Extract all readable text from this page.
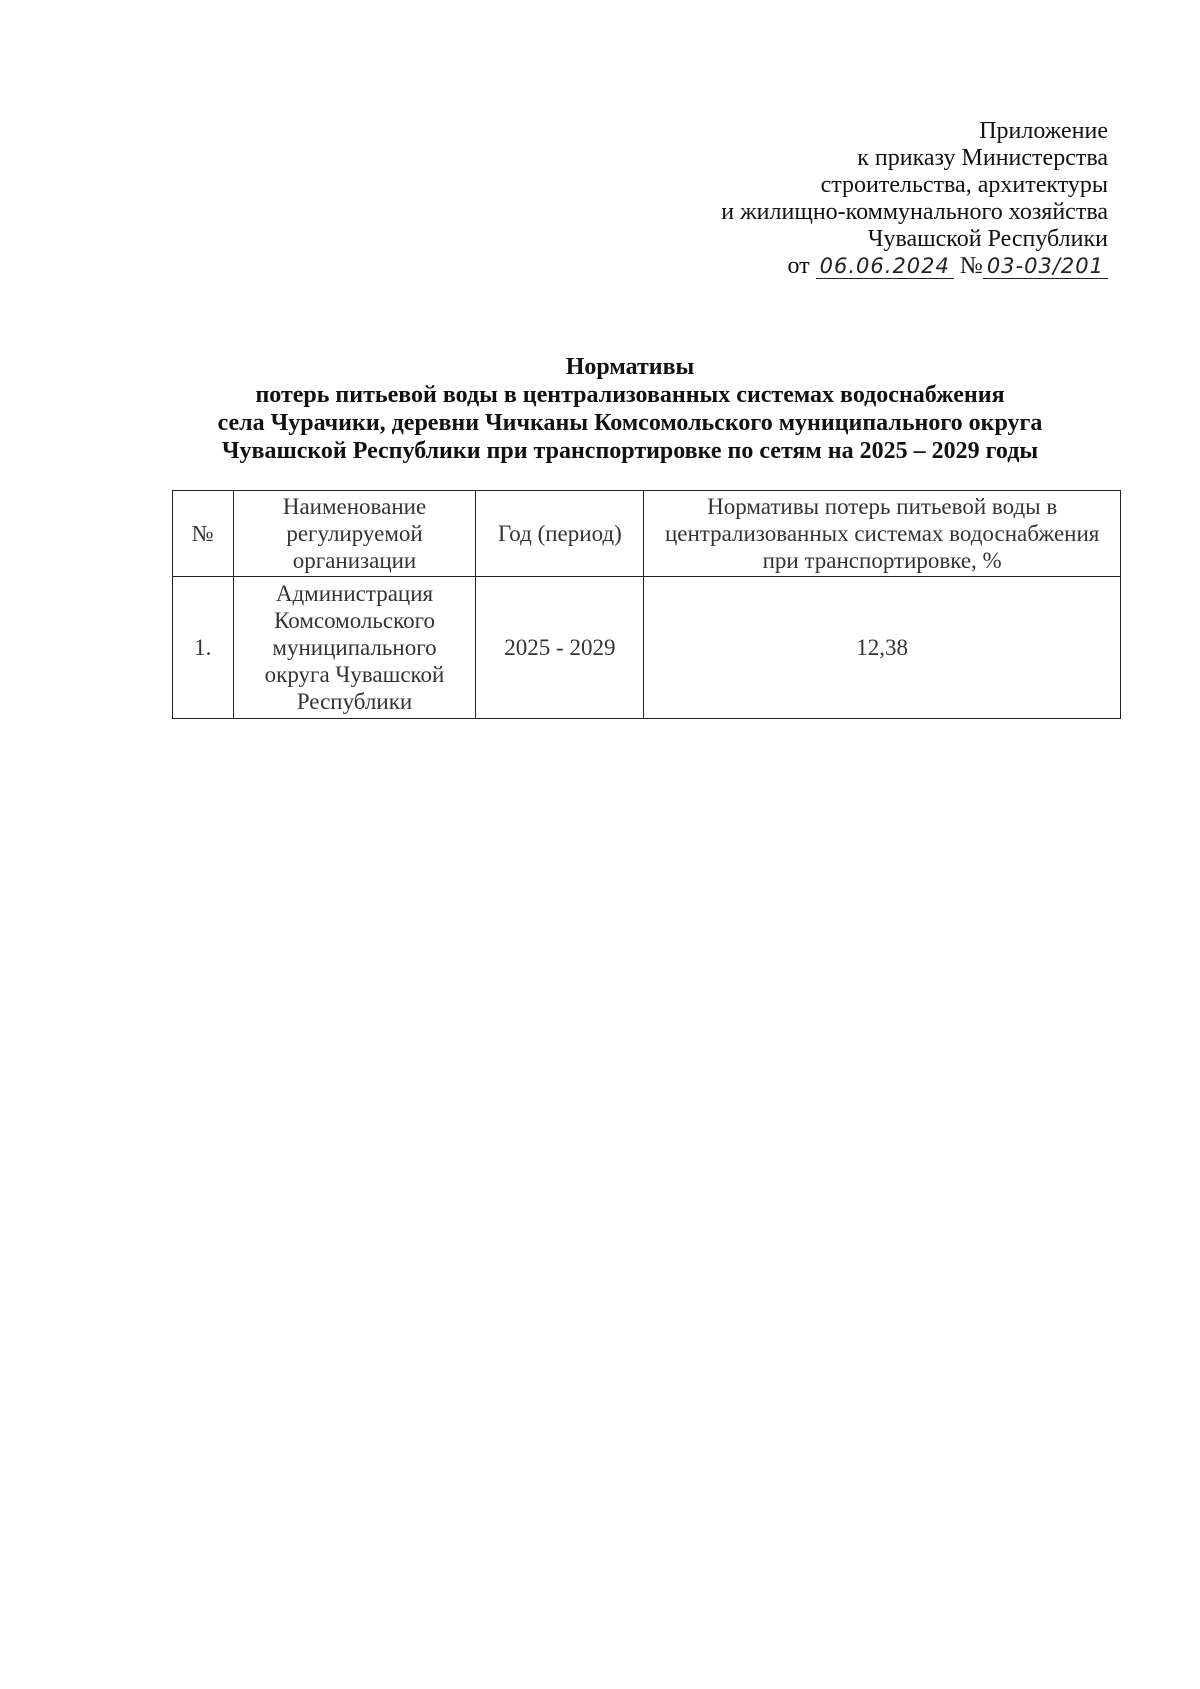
Приложение
к приказу Министерства
строительства, архитектуры
и жилищно-коммунального хозяйства
Чувашской Республики
от 06.06.2024 № 03-03/201
Нормативы
потерь питьевой воды в централизованных системах водоснабжения
села Чурачики, деревни Чичканы Комсомольского муниципального округа
Чувашской Республики при транспортировке по сетям на 2025 – 2029 годы
№	Наименование регулируемой организации	Год (период)	Нормативы потерь питьевой воды в централизованных системах водоснабжения при транспортировке, %
1.	Администрация Комсомольского муниципального округа Чувашской Республики	2025 - 2029	12,38
